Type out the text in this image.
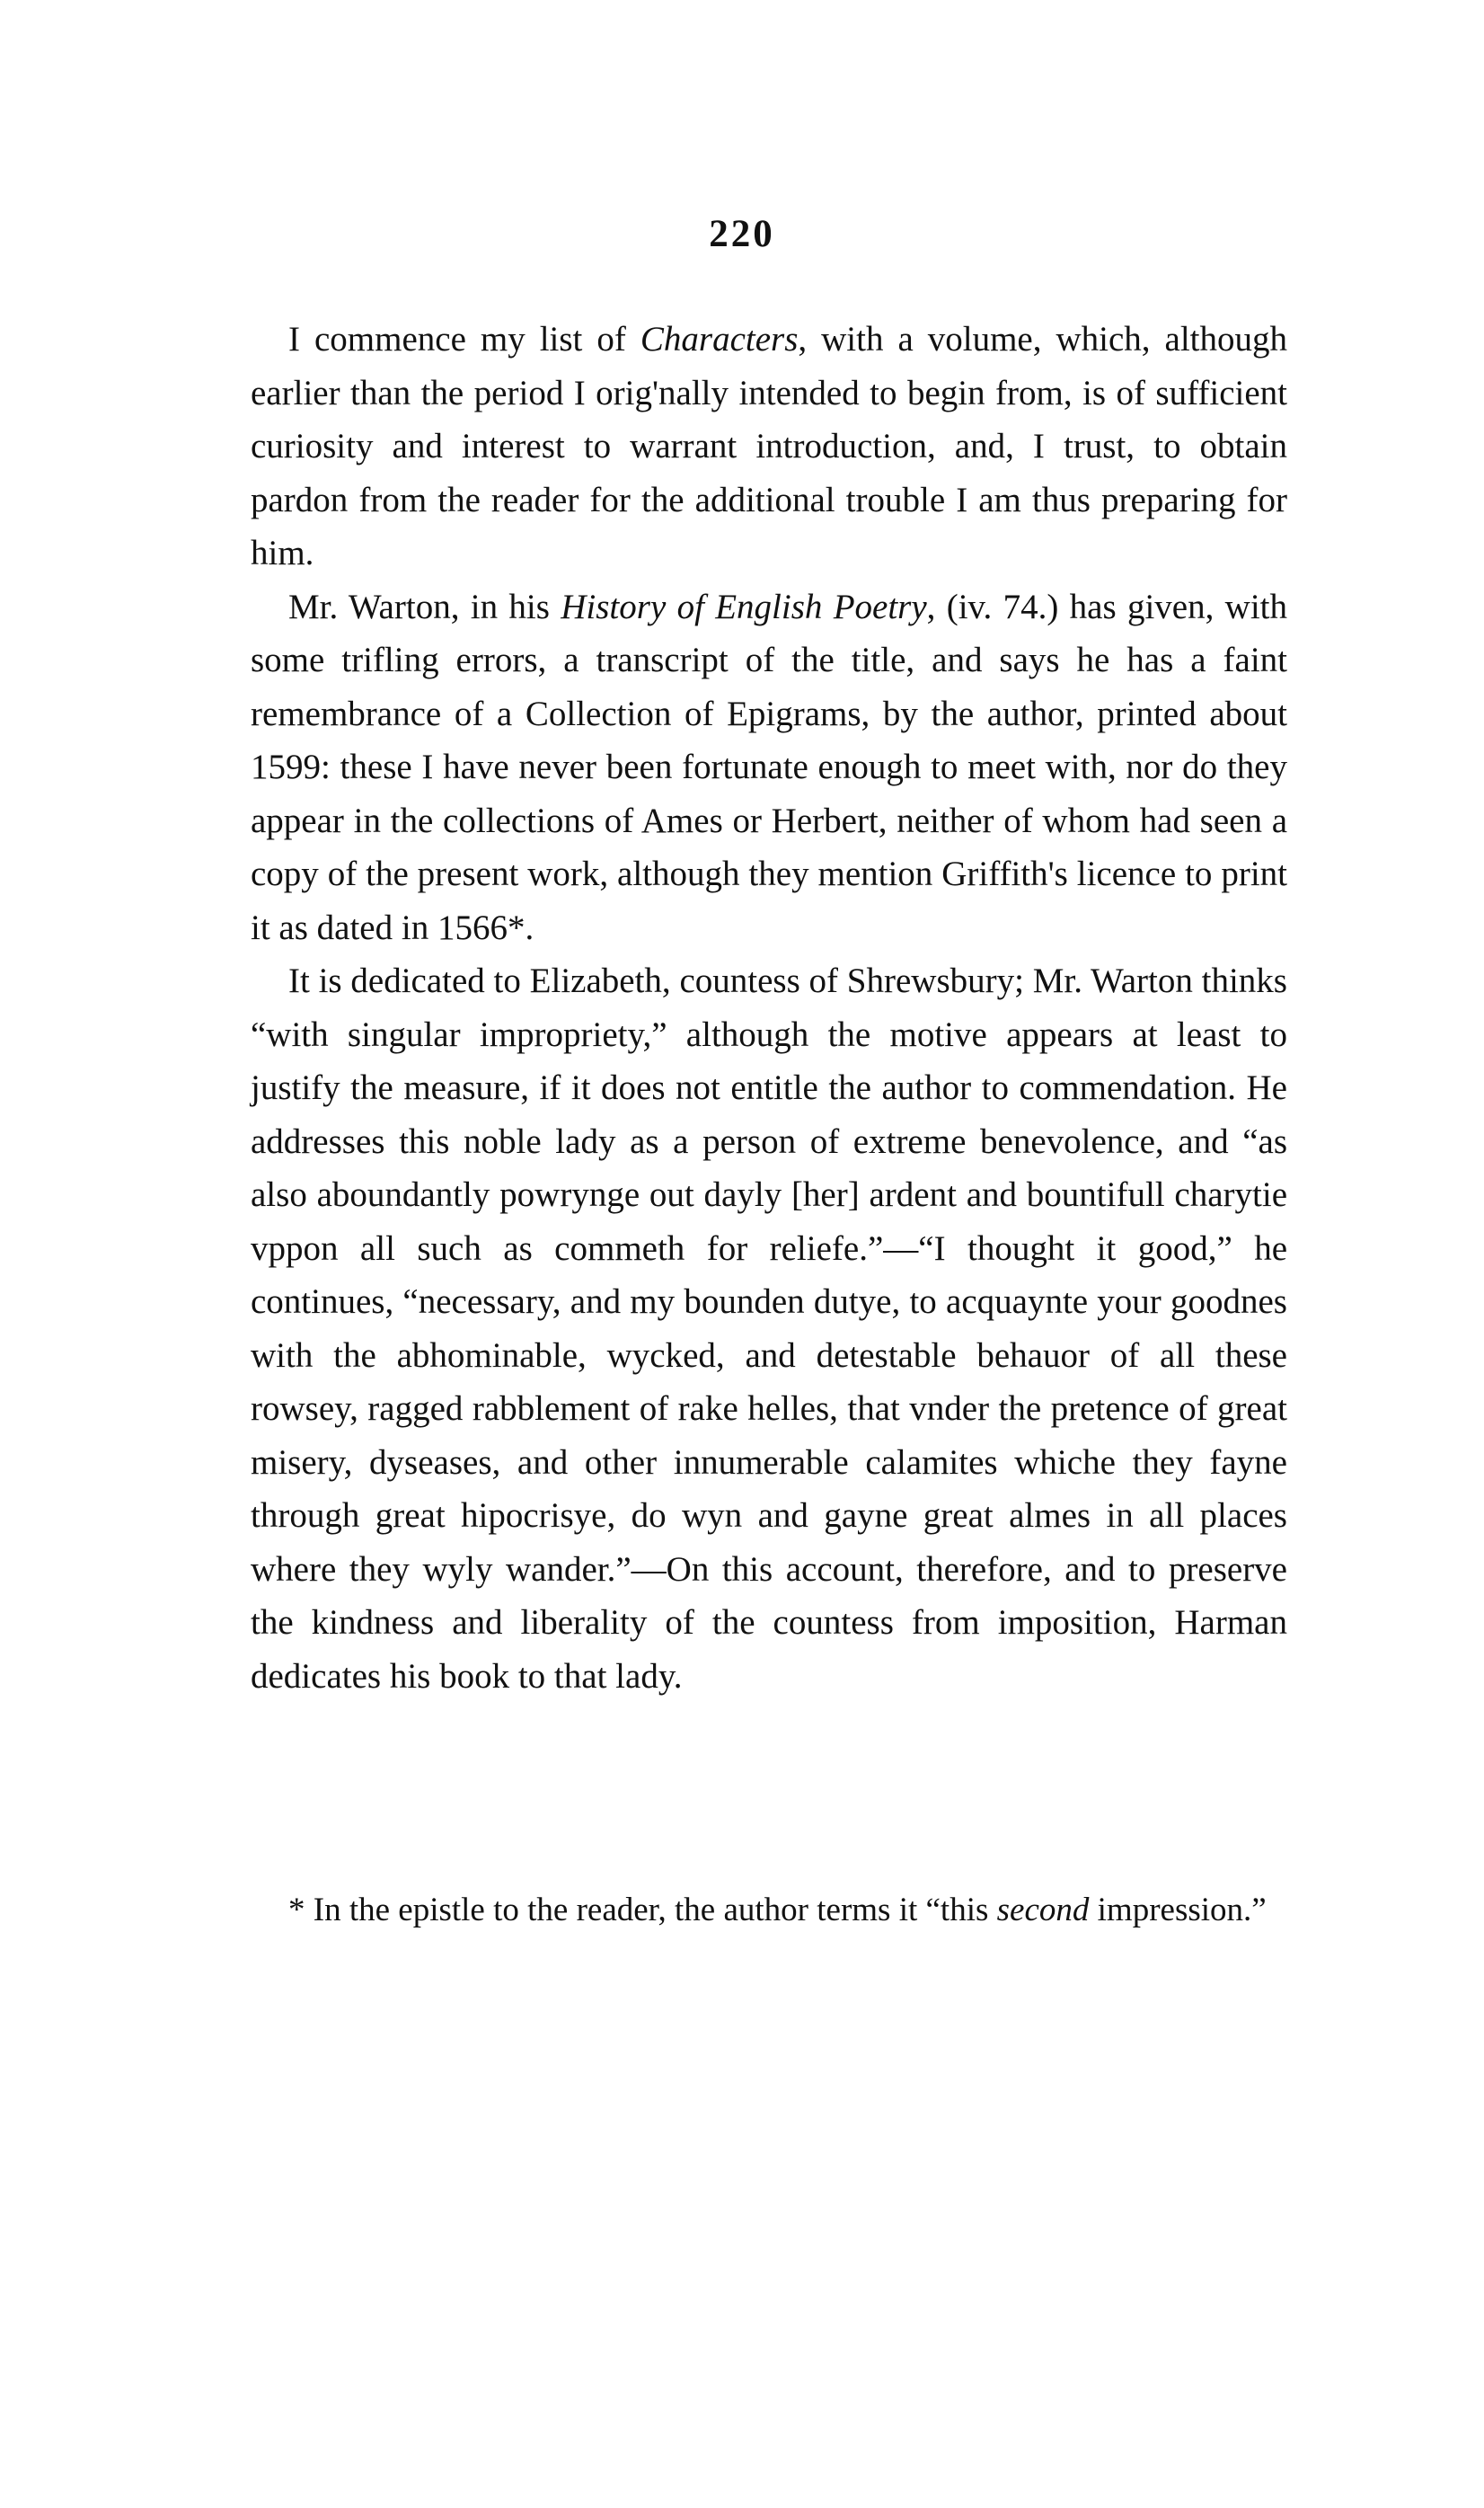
220

I commence my list of Characters, with a volume, which, although earlier than the period I orig'nally intended to begin from, is of sufficient curiosity and interest to warrant introduction, and, I trust, to obtain pardon from the reader for the additional trouble I am thus preparing for him.

Mr. Warton, in his History of English Poetry, (iv. 74.) has given, with some trifling errors, a transcript of the title, and says he has a faint remembrance of a Collection of Epigrams, by the author, printed about 1599: these I have never been fortunate enough to meet with, nor do they appear in the collections of Ames or Herbert, neither of whom had seen a copy of the present work, although they mention Griffith's licence to print it as dated in 1566*.

It is dedicated to Elizabeth, countess of Shrewsbury; Mr. Warton thinks “with singular impropriety,” although the motive appears at least to justify the measure, if it does not entitle the author to commendation. He addresses this noble lady as a person of extreme benevolence, and “as also aboundantly powrynge out dayly [her] ardent and bountifull charytie vppon all such as commeth for reliefe.”—“I thought it good,” he continues, “necessary, and my bounden dutye, to acquaynte your goodnes with the abhominable, wycked, and detestable behauor of all these rowsey, ragged rabblement of rake helles, that vnder the pretence of great misery, dyseases, and other innumerable calamites whiche they fayne through great hipocrisye, do wyn and gayne great almes in all places where they wyly wander.”—On this account, therefore, and to preserve the kindness and liberality of the countess from imposition, Harman dedicates his book to that lady.

* In the epistle to the reader, the author terms it “this second impression.”
